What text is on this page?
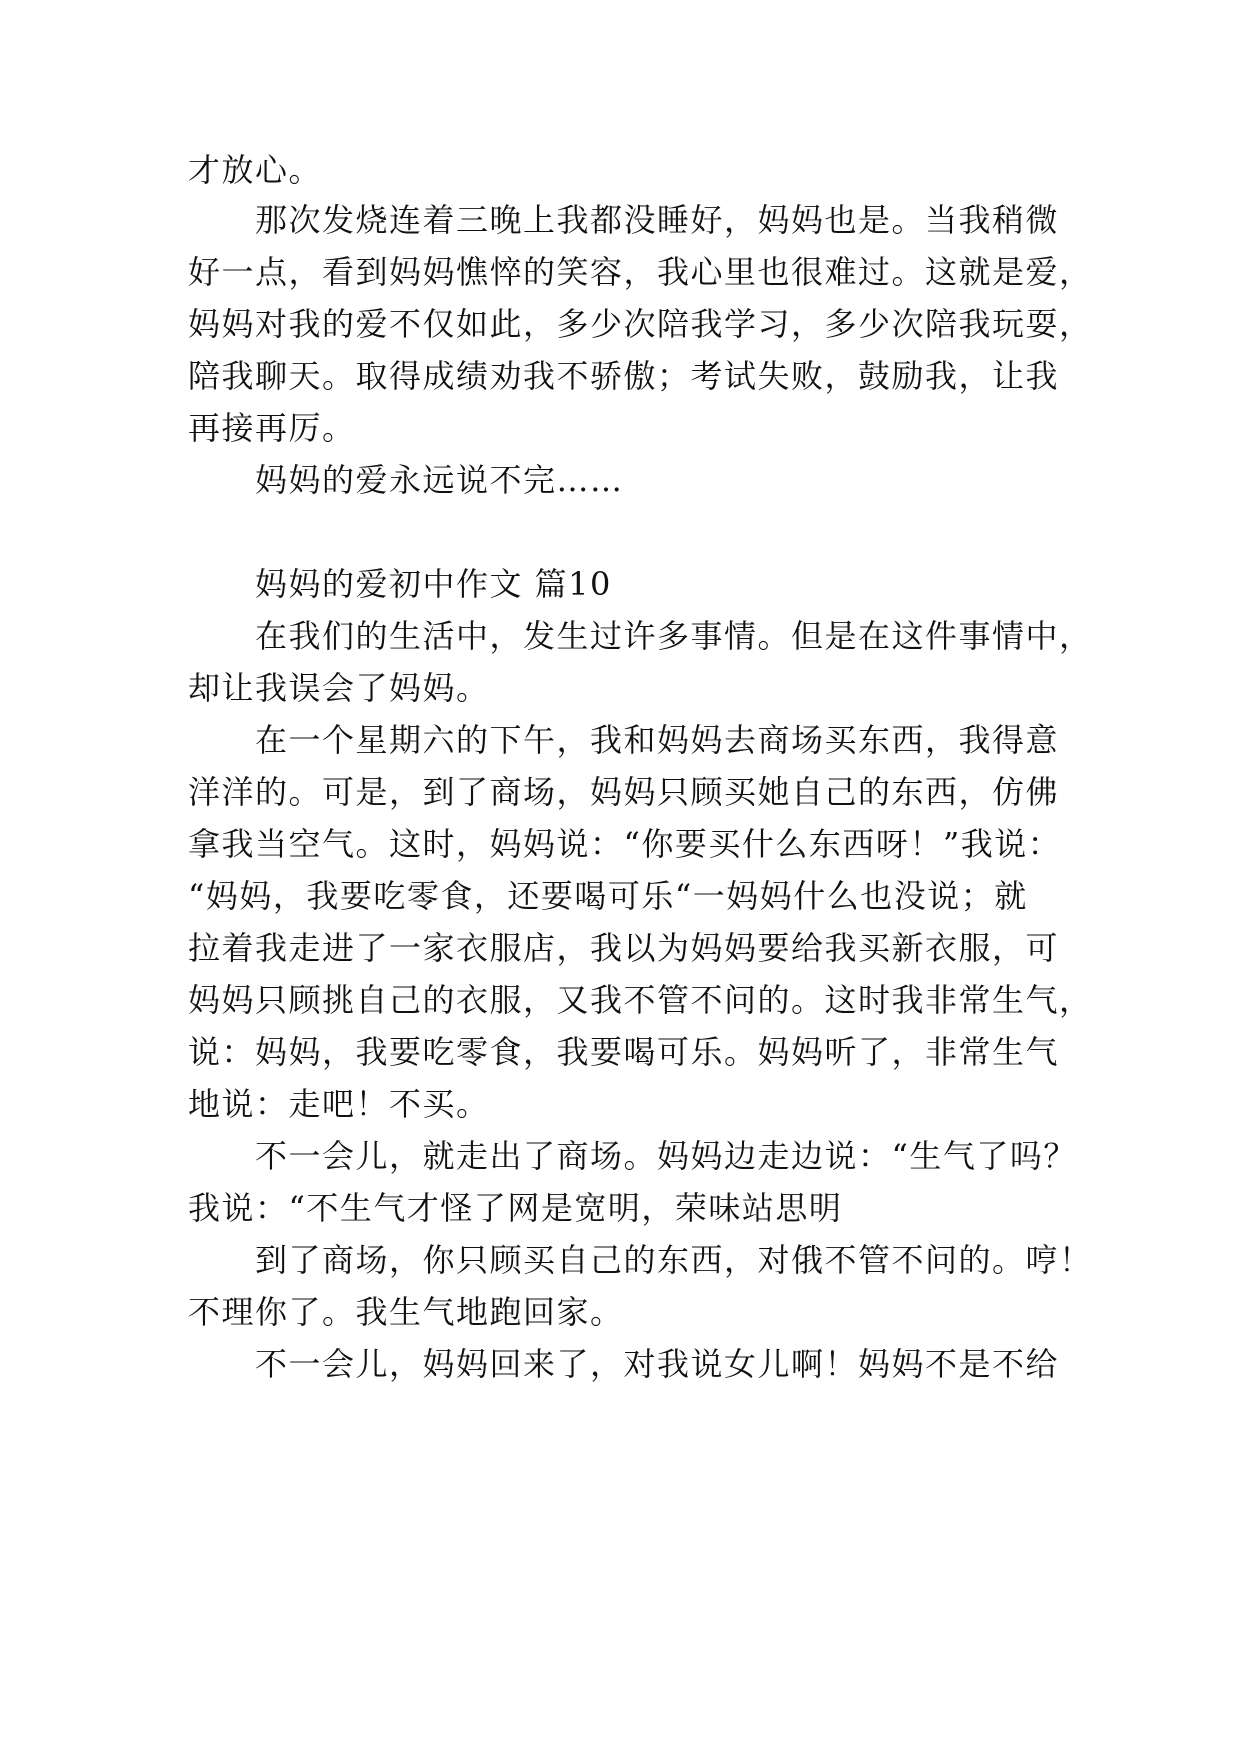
才放心。
那次发烧连着三晚上我都没睡好，妈妈也是。当我稍微
好一点，看到妈妈憔悴的笑容，我心里也很难过。这就是爱，
妈妈对我的爱不仅如此，多少次陪我学习，多少次陪我玩耍，
陪我聊天。取得成绩劝我不骄傲；考试失败，鼓励我，让我
再接再厉。
妈妈的爱永远说不完……
妈妈的爱初中作文 篇10
在我们的生活中，发生过许多事情。但是在这件事情中，
却让我误会了妈妈。
在一个星期六的下午，我和妈妈去商场买东西，我得意
洋洋的。可是，到了商场，妈妈只顾买她自己的东西，仿佛
拿我当空气。这时，妈妈说：“你要买什么东西呀！”我说：
“妈妈，我要吃零食，还要喝可乐“一妈妈什么也没说；就
拉着我走进了一家衣服店，我以为妈妈要给我买新衣服，可
妈妈只顾挑自己的衣服，又我不管不问的。这时我非常生气，
说：妈妈，我要吃零食，我要喝可乐。妈妈听了，非常生气
地说：走吧！不买。
不一会儿，就走出了商场。妈妈边走边说：“生气了吗？
我说：“不生气才怪了网是宽明，荣味站思明
到了商场，你只顾买自己的东西，对俄不管不问的。哼！
不理你了。我生气地跑回家。
不一会儿，妈妈回来了，对我说女儿啊！妈妈不是不给
